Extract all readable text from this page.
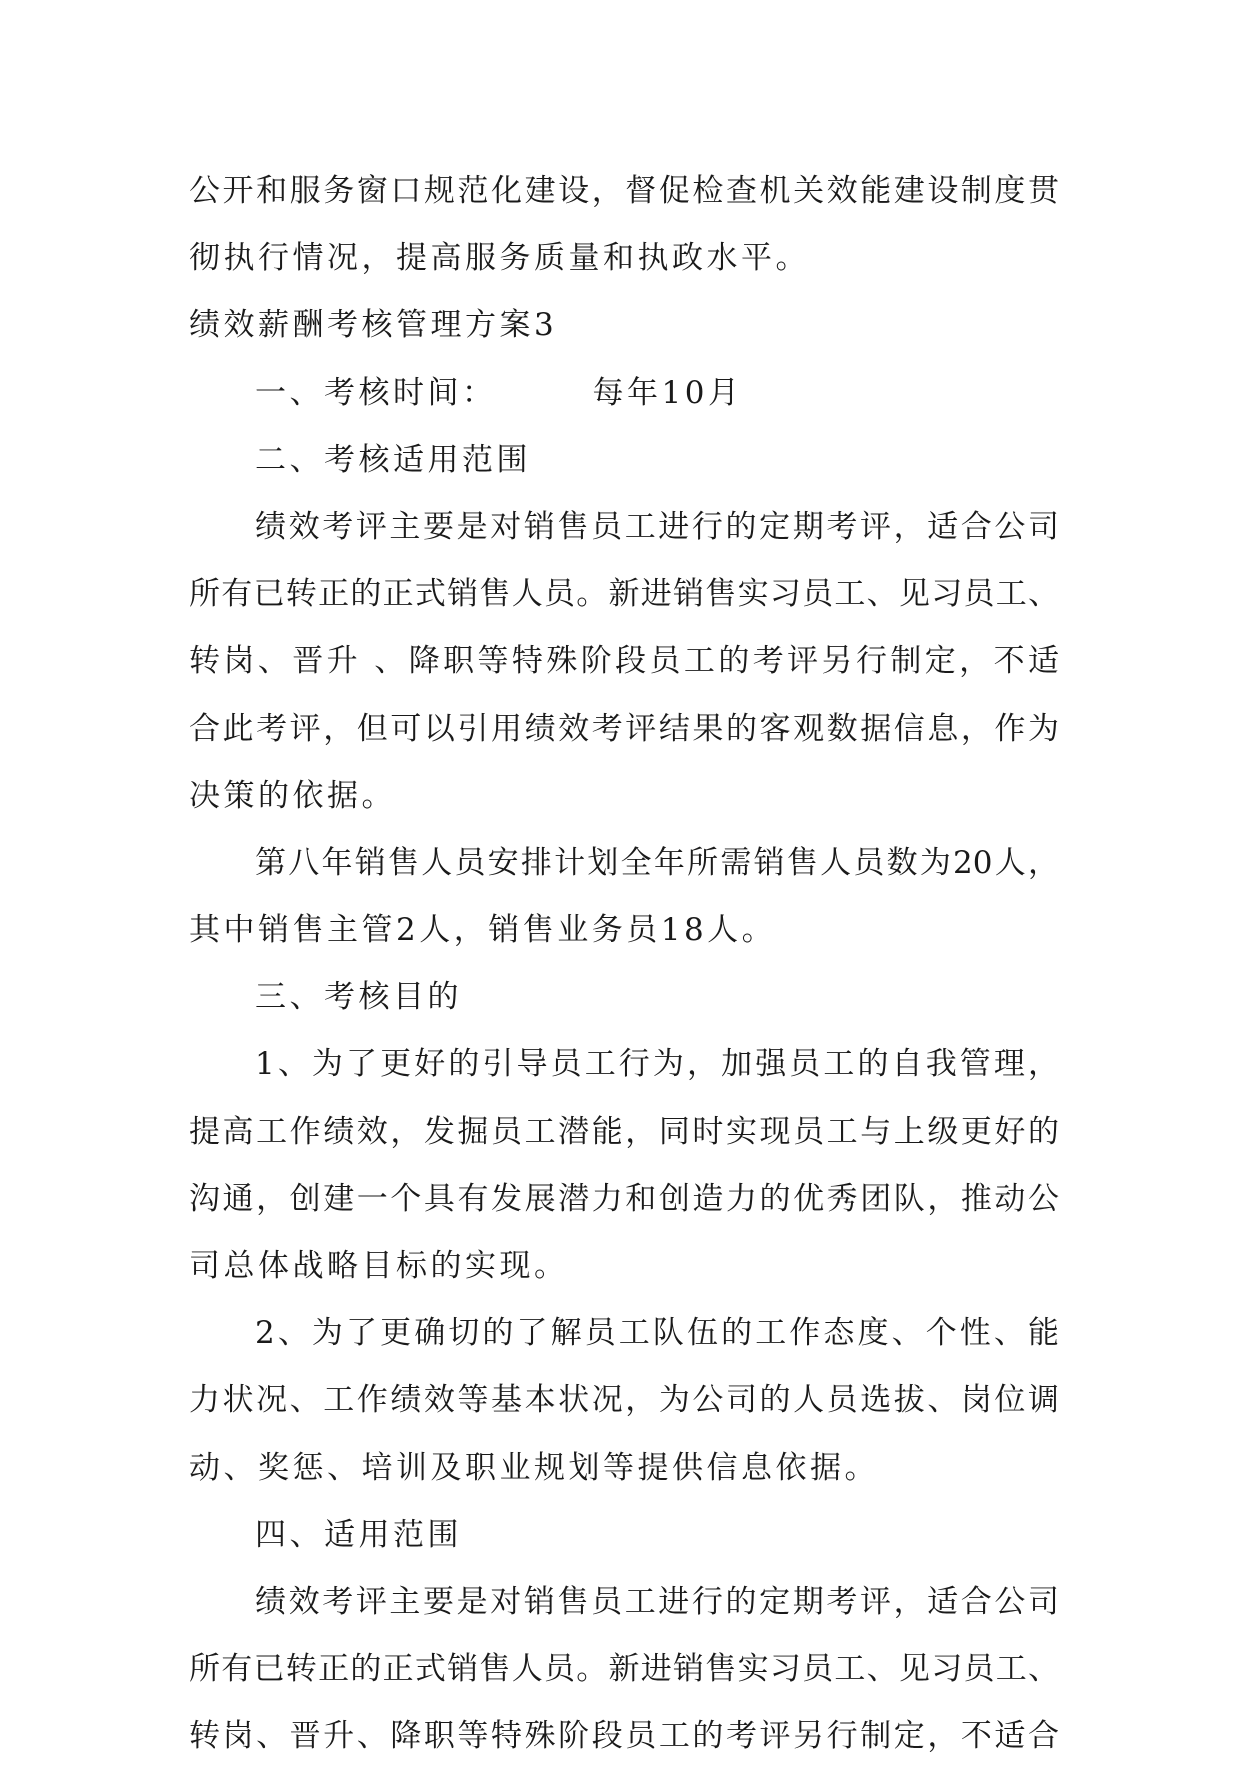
公开和服务窗口规范化建设，督促检查机关效能建设制度贯
彻执行情况，提高服务质量和执政水平。
绩效薪酬考核管理方案3
一、考核时间：	每年10月
二、考核适用范围
绩效考评主要是对销售员工进行的定期考评，适合公司
所有已转正的正式销售人员。新进销售实习员工、见习员工、
转岗、晋升 、降职等特殊阶段员工的考评另行制定，不适
合此考评，但可以引用绩效考评结果的客观数据信息，作为
决策的依据。
第八年销售人员安排计划全年所需销售人员数为20人，
其中销售主管2人，销售业务员18人。
三、考核目的
1、为了更好的引导员工行为，加强员工的自我管理，
提高工作绩效，发掘员工潜能，同时实现员工与上级更好的
沟通，创建一个具有发展潜力和创造力的优秀团队，推动公
司总体战略目标的实现。
2、为了更确切的了解员工队伍的工作态度、个性、能
力状况、工作绩效等基本状况，为公司的人员选拔、岗位调
动、奖惩、培训及职业规划等提供信息依据。
四、适用范围
绩效考评主要是对销售员工进行的定期考评，适合公司
所有已转正的正式销售人员。新进销售实习员工、见习员工、
转岗、晋升、降职等特殊阶段员工的考评另行制定，不适合
